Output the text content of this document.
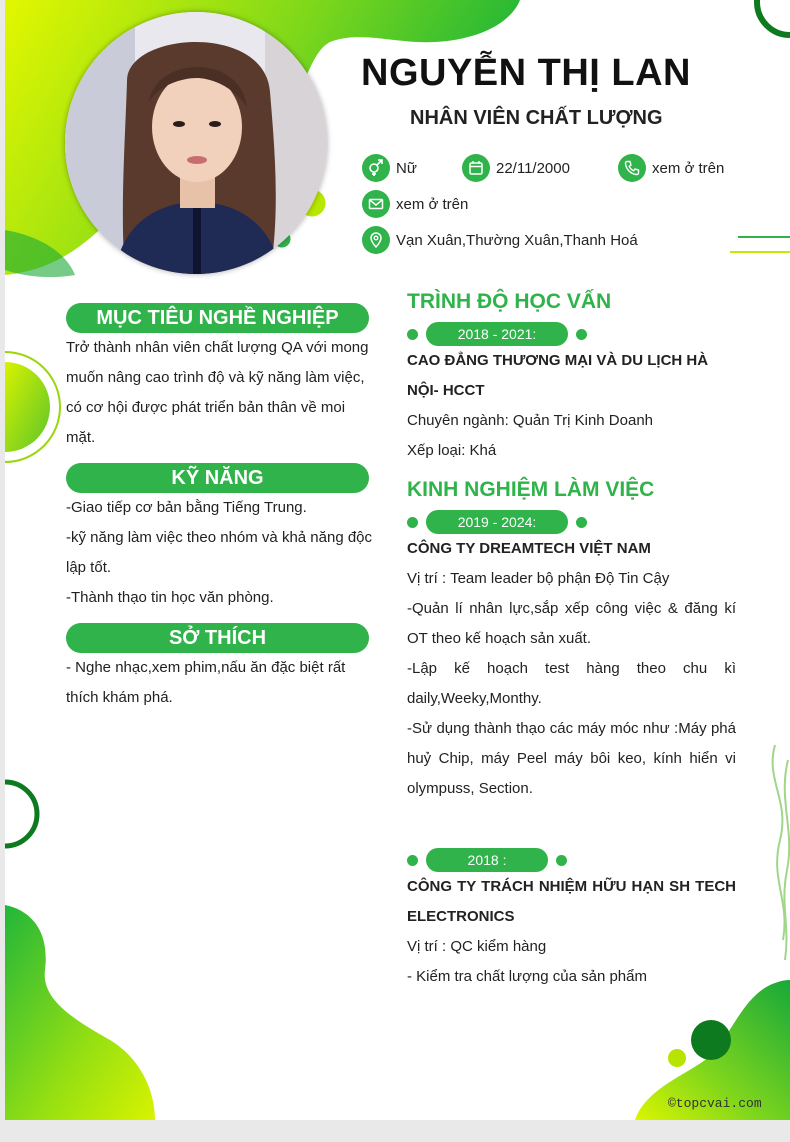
NGUYỄN THỊ LAN
NHÂN VIÊN CHẤT LƯỢNG
Nữ	22/11/2000	xem ở trên
xem ở trên
Vạn Xuân,Thường Xuân,Thanh Hoá
MỤC TIÊU NGHỀ NGHIỆP
Trở thành nhân viên chất lượng QA với mong muốn nâng cao trình độ và kỹ năng làm việc, có cơ hội được phát triển bản thân về moi mặt.
KỸ NĂNG
-Giao tiếp cơ bản bằng Tiếng Trung.
-kỹ năng làm việc theo nhóm và khả năng độc lập tốt.
-Thành thạo tin học văn phòng.
SỞ THÍCH
- Nghe nhạc,xem phim,nấu ăn đặc biệt rất thích khám phá.
TRÌNH ĐỘ HỌC VẤN
2018 - 2021:
CAO ĐẲNG THƯƠNG MẠI VÀ DU LỊCH HÀ NỘI- HCCT
Chuyên ngành: Quản Trị Kinh Doanh
Xếp loại: Khá
KINH NGHIỆM LÀM VIỆC
2019 - 2024:
CÔNG TY DREAMTECH VIỆT NAM
Vị trí : Team leader bộ phận Độ Tin Cậy
-Quản lí nhân lực,sắp xếp công việc & đăng kí OT theo kế hoạch sản xuất.
-Lập kế hoạch test hàng theo chu kì daily,Weeky,Monthy.
-Sử dụng thành thạo các máy móc như :Máy phá huỷ Chip, máy Peel máy bôi keo, kính hiển vi olympuss, Section.
2018 :
CÔNG TY TRÁCH NHIỆM HỮU HẠN SH TECH ELECTRONICS
Vị trí : QC kiểm hàng
- Kiểm tra chất lượng của sản phẩm
©topcvai.com
